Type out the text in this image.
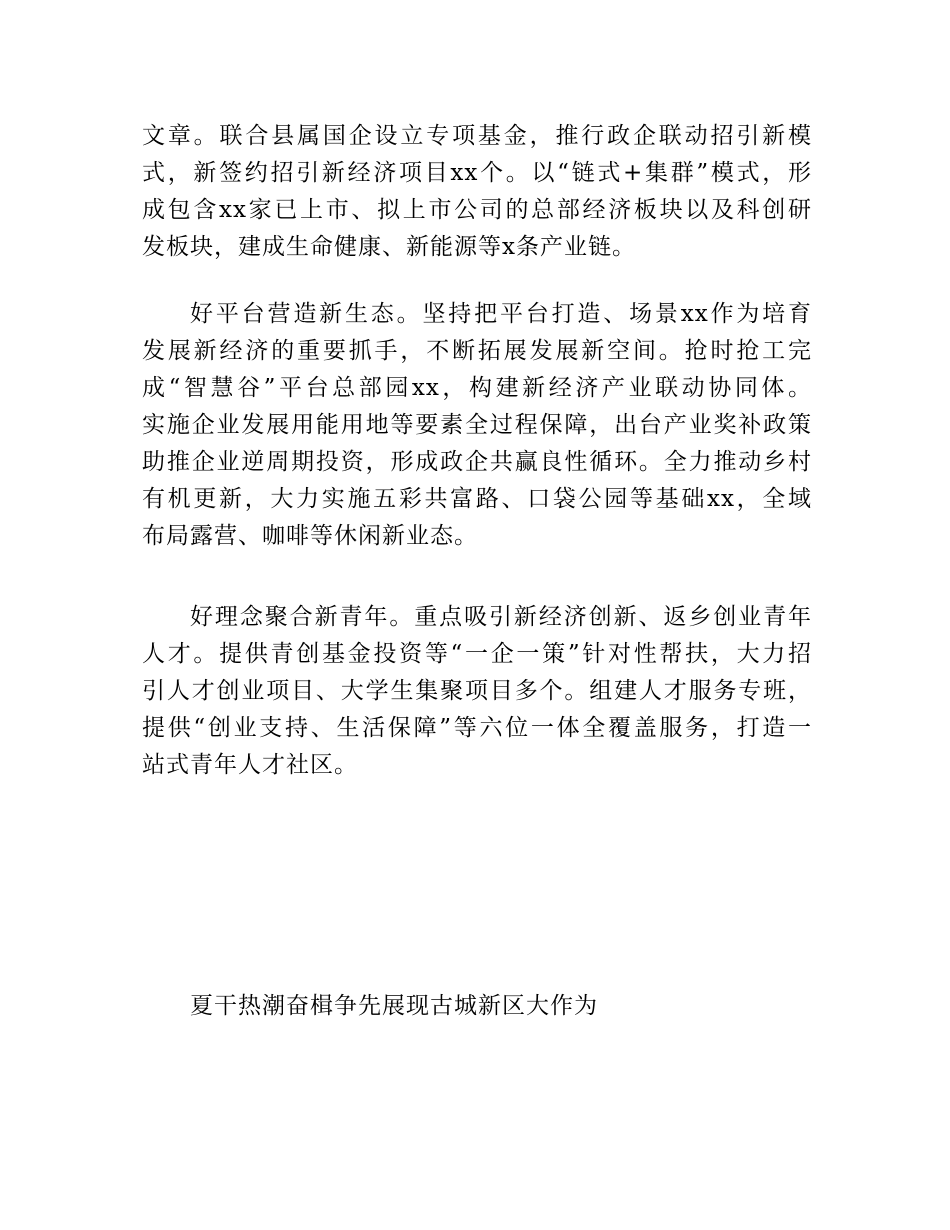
文章。联合县属国企设立专项基金，推行政企联动招引新模
式，新签约招引新经济项目xx个。以“链式+集群”模式，形
成包含xx家已上市、拟上市公司的总部经济板块以及科创研
发板块，建成生命健康、新能源等x条产业链。
好平台营造新生态。坚持把平台打造、场景xx作为培育
发展新经济的重要抓手，不断拓展发展新空间。抢时抢工完
成“智慧谷”平台总部园xx，构建新经济产业联动协同体。
实施企业发展用能用地等要素全过程保障，出台产业奖补政策
助推企业逆周期投资，形成政企共赢良性循环。全力推动乡村
有机更新，大力实施五彩共富路、口袋公园等基础xx，全域
布局露营、咖啡等休闲新业态。
好理念聚合新青年。重点吸引新经济创新、返乡创业青年
人才。提供青创基金投资等“一企一策”针对性帮扶，大力招
引人才创业项目、大学生集聚项目多个。组建人才服务专班，
提供“创业支持、生活保障”等六位一体全覆盖服务，打造一
站式青年人才社区。
夏干热潮奋楫争先展现古城新区大作为
